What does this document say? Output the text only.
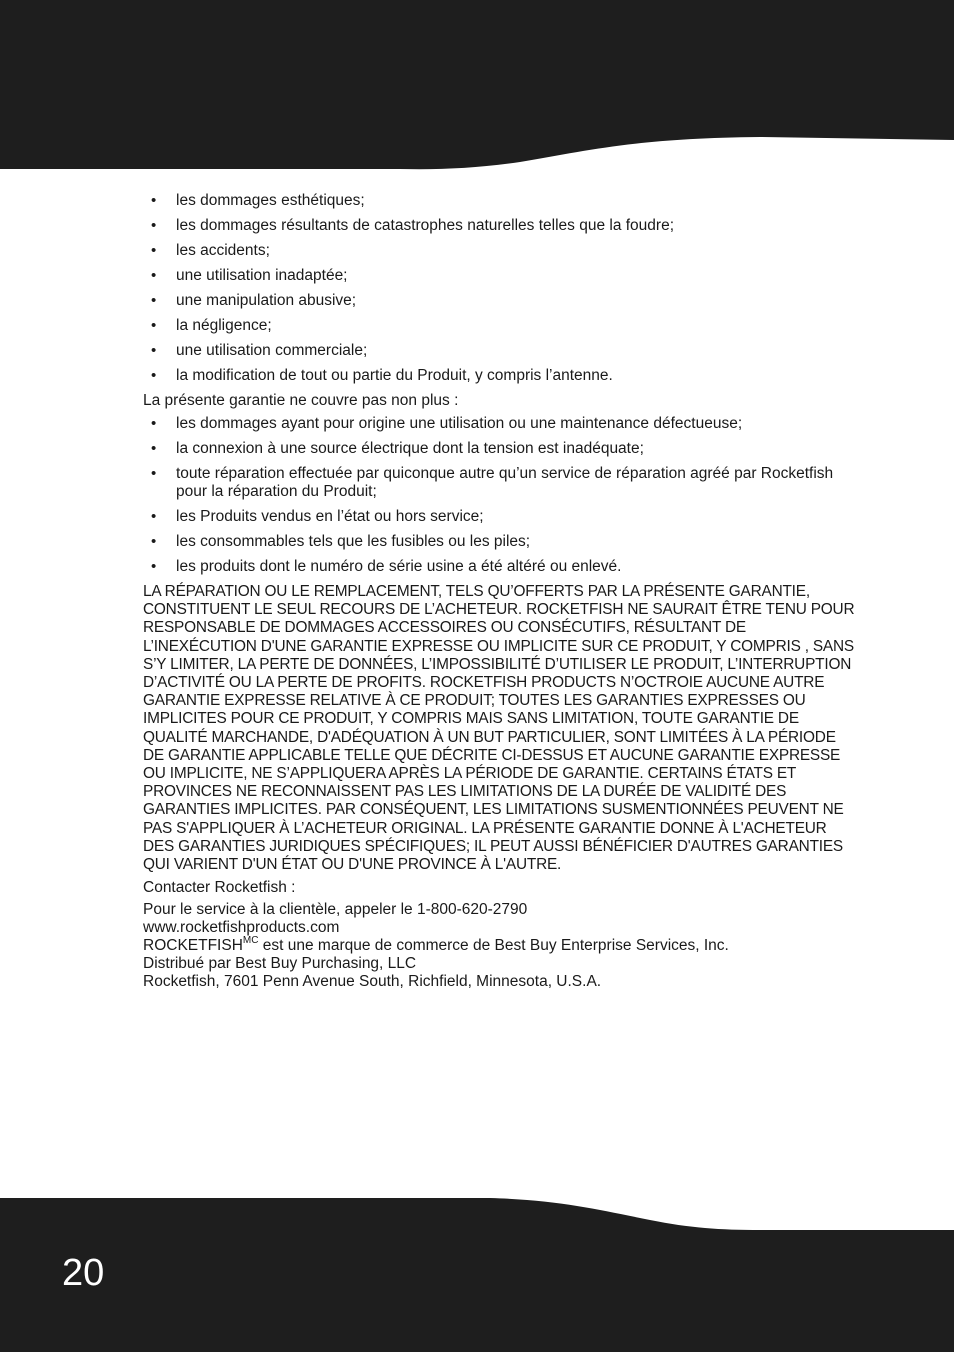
• les dommages esthétiques;
• les dommages résultants de catastrophes naturelles telles que la foudre;
• les accidents;
• une utilisation inadaptée;
• une manipulation abusive;
• la négligence;
• une utilisation commerciale;
• la modification de tout ou partie du Produit, y compris l’antenne.

La présente garantie ne couvre pas non plus :

• les dommages ayant pour origine une utilisation ou une maintenance défectueuse;
• la connexion à une source électrique dont la tension est inadéquate;
• toute réparation effectuée par quiconque autre qu’un service de réparation agréé par Rocketfish pour la réparation du Produit;
• les Produits vendus en l’état ou hors service;
• les consommables tels que les fusibles ou les piles;
• les produits dont le numéro de série usine a été altéré ou enlevé.

LA RÉPARATION OU LE REMPLACEMENT, TELS QU’OFFERTS PAR LA PRÉSENTE GARANTIE, CONSTITUENT LE SEUL RECOURS DE L’ACHETEUR. ROCKETFISH NE SAURAIT ÊTRE TENU POUR RESPONSABLE DE DOMMAGES ACCESSOIRES OU CONSÉCUTIFS, RÉSULTANT DE L’INEXÉCUTION D'UNE GARANTIE EXPRESSE OU IMPLICITE SUR CE PRODUIT, Y COMPRIS , SANS S’Y LIMITER, LA PERTE DE DONNÉES, L’IMPOSSIBILITÉ D’UTILISER LE PRODUIT, L’INTERRUPTION D’ACTIVITÉ OU LA PERTE DE PROFITS. ROCKETFISH PRODUCTS N’OCTROIE AUCUNE AUTRE GARANTIE EXPRESSE RELATIVE À CE PRODUIT; TOUTES LES GARANTIES EXPRESSES OU IMPLICITES POUR CE PRODUIT, Y COMPRIS MAIS SANS LIMITATION, TOUTE GARANTIE DE QUALITÉ MARCHANDE, D'ADÉQUATION À UN BUT PARTICULIER, SONT LIMITÉES À LA PÉRIODE DE GARANTIE APPLICABLE TELLE QUE DÉCRITE CI-DESSUS ET AUCUNE GARANTIE EXPRESSE OU IMPLICITE, NE S’APPLIQUERA APRÈS LA PÉRIODE DE GARANTIE. CERTAINS ÉTATS ET PROVINCES NE RECONNAISSENT PAS LES LIMITATIONS DE LA DURÉE DE VALIDITÉ DES GARANTIES IMPLICITES. PAR CONSÉQUENT, LES LIMITATIONS SUSMENTIONNÉES PEUVENT NE PAS S'APPLIQUER À L’ACHETEUR ORIGINAL. LA PRÉSENTE GARANTIE DONNE À L'ACHETEUR DES GARANTIES JURIDIQUES SPÉCIFIQUES; IL PEUT AUSSI BÉNÉFICIER D'AUTRES GARANTIES QUI VARIENT D'UN ÉTAT OU D'UNE PROVINCE À L'AUTRE.

Contacter Rocketfish :

Pour le service à la clientèle, appeler le 1-800-620-2790

www.rocketfishproducts.com

$ROCKETFISH^{MC}$ est une marque de commerce de Best Buy Enterprise Services, Inc.

Distribué par Best Buy Purchasing, LLC

Rocketfish, 7601 Penn Avenue South, Richfield, Minnesota, U.S.A.

20
